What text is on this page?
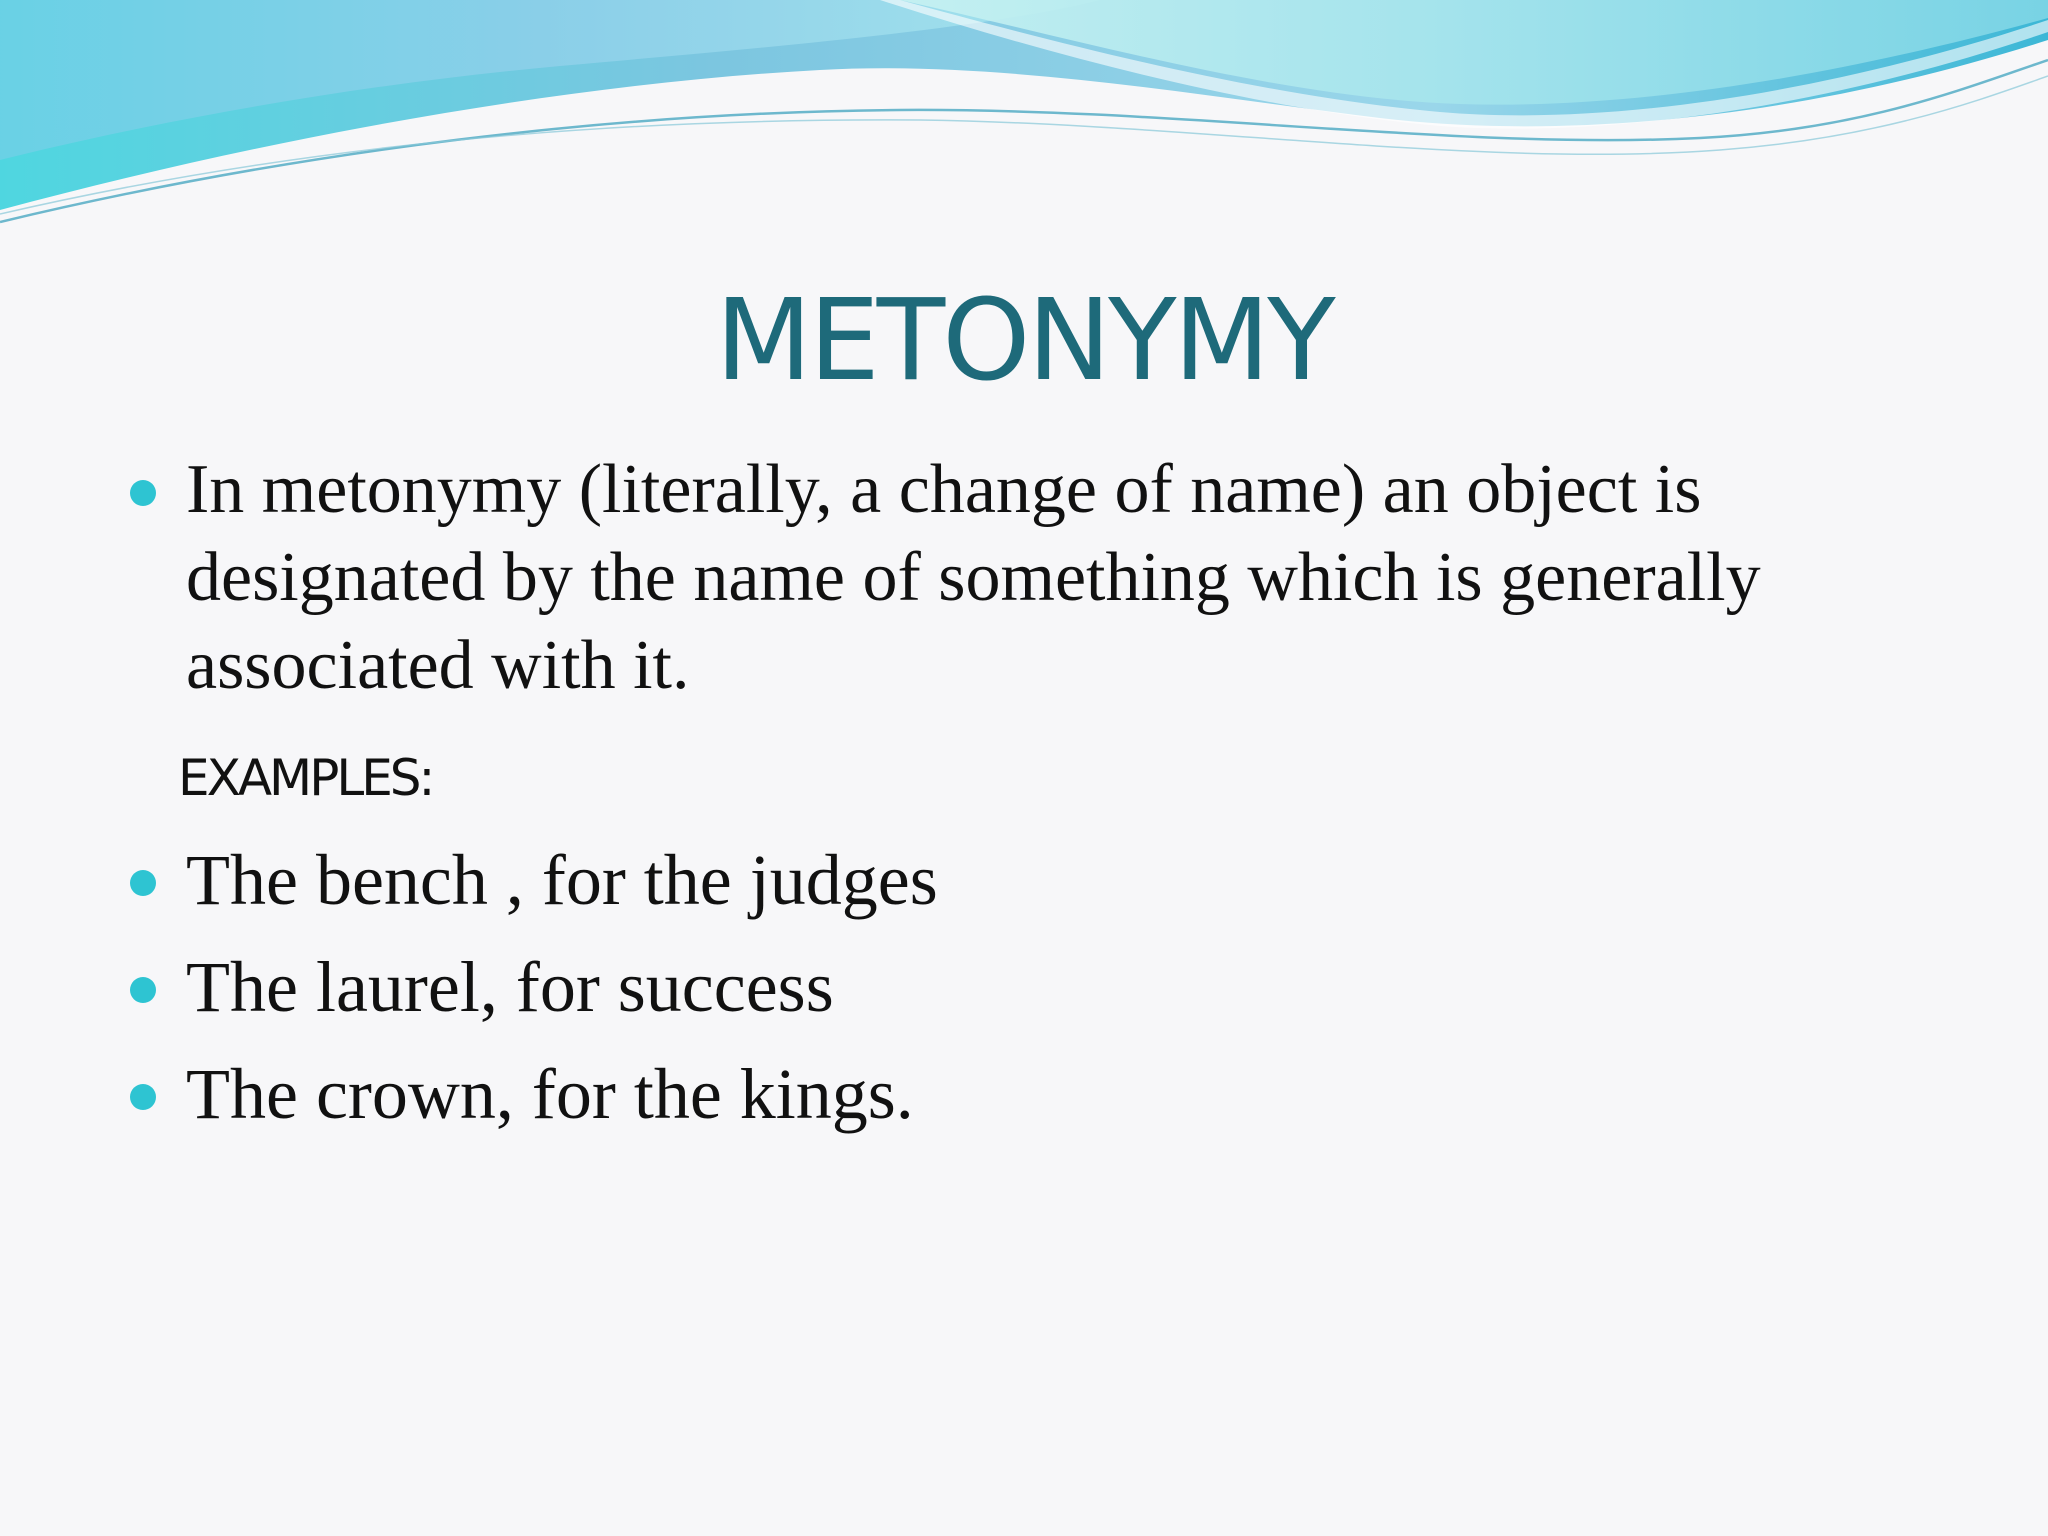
METONYMY
In metonymy (literally, a change of name) an object is designated by the name of something which is generally associated with it.
EXAMPLES:
The bench , for the judges
The laurel, for success
The crown, for the kings.
